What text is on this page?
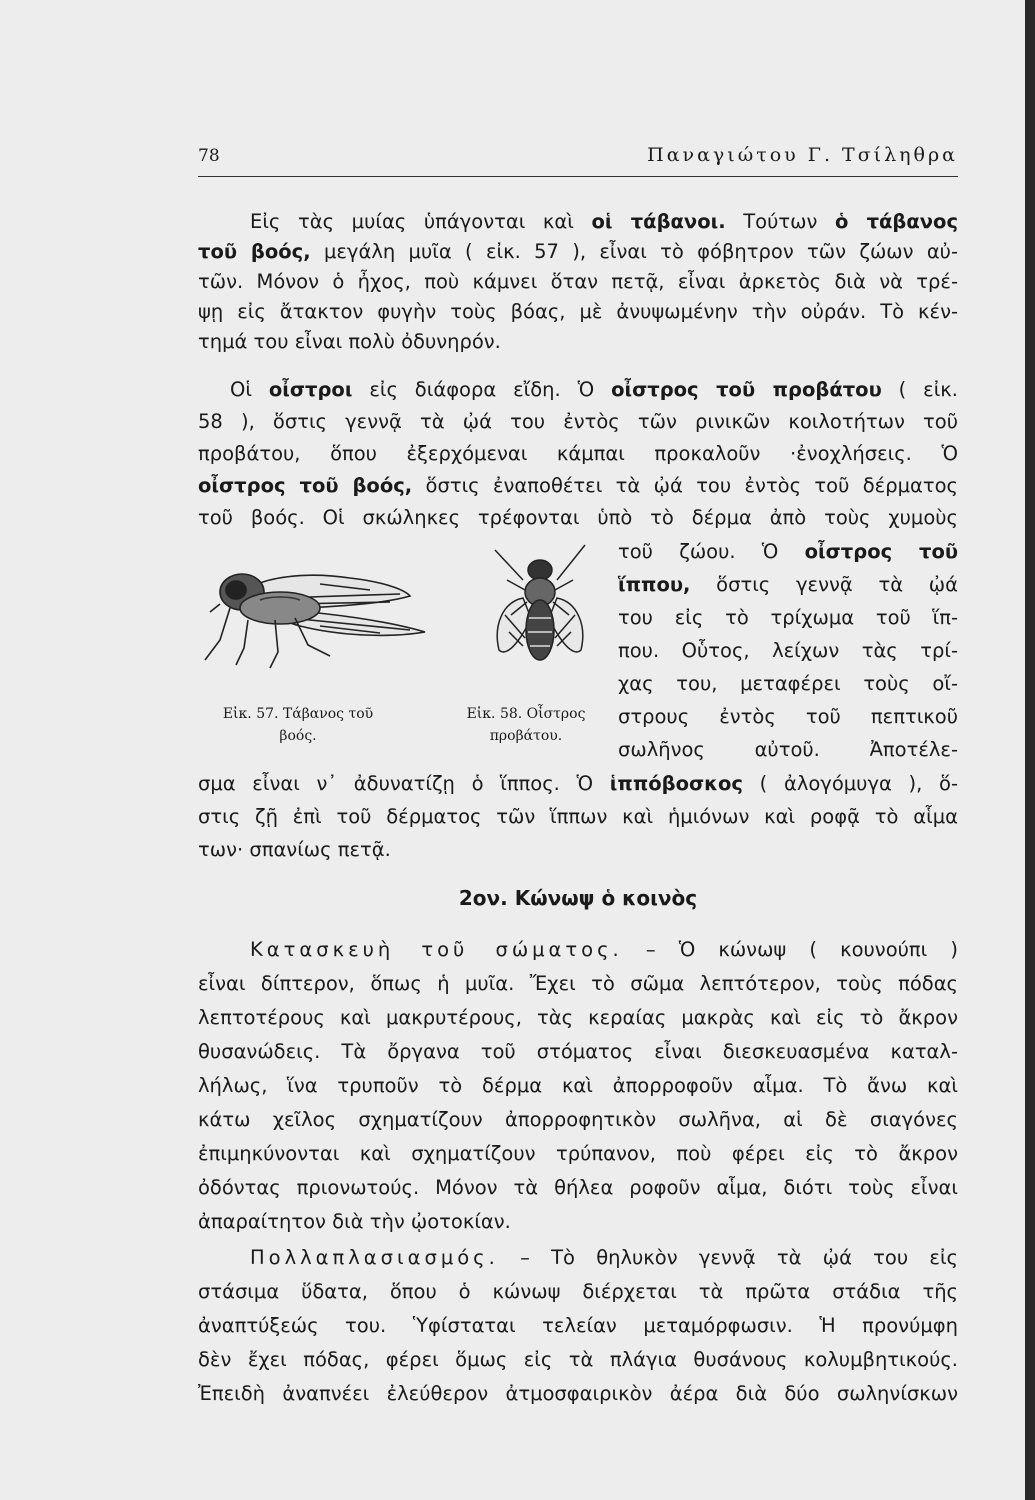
78	Παναγιώτου Γ. Τσίληθρα
Εἰς τὰς μυίας ὑπάγονται καὶ οἱ τάβανοι. Τούτων ὁ τάβανος
τοῦ βοός, μεγάλη μυῖα ( εἰκ. 57 ), εἶναι τὸ φόβητρον τῶν ζώων αὐ-
τῶν. Μόνον ὁ ἦχος, ποὺ κάμνει ὅταν πετᾷ, εἶναι ἀρκετὸς διὰ νὰ τρέ-
ψῃ εἰς ἄτακτον φυγὴν τοὺς βόας, μὲ ἀνυψωμένην τὴν οὐράν. Τὸ κέν-
τημά του εἶναι πολὺ ὀδυνηρόν.
Οἱ οἶστροι εἰς διάφορα εἴδη. Ὁ οἶστρος τοῦ προβάτου ( εἰκ.
58 ), ὅστις γεννᾷ τὰ ᾠά του ἐντὸς τῶν ρινικῶν κοιλοτήτων τοῦ
προβάτου, ὅπου ἐξερχόμεναι κάμπαι προκαλοῦν ·ἐνοχλήσεις. Ὁ
οἶστρος τοῦ βοός, ὅστις ἐναποθέτει τὰ ᾠά του ἐντὸς τοῦ δέρματος
τοῦ βοός. Οἱ σκώληκες τρέφονται ὑπὸ τὸ δέρμα ἀπὸ τοὺς χυμοὺς
τοῦ ζώου. Ὁ οἶστρος τοῦ
ἵππου, ὅστις γεννᾷ τὰ ᾠά
του εἰς τὸ τρίχωμα τοῦ ἵπ-
που. Οὗτος, λείχων τὰς τρί-
χας του, μεταφέρει τοὺς οἴ-
στρους ἐντὸς τοῦ πεπτικοῦ
σωλῆνος αὐτοῦ. Ἀποτέλε-
σμα εἶναι ν᾿ ἀδυνατίζῃ ὁ ἵππος. Ὁ ἱππόβοσκος ( ἀλογόμυγα ), ὅ-
στις ζῇ ἐπὶ τοῦ δέρματος τῶν ἵππων καὶ ἡμιόνων καὶ ροφᾷ τὸ αἷμα
των· σπανίως πετᾷ.
Εἰκ. 57. Τάβανος τοῦ
βοός.
Εἰκ. 58. Οἶστρος
προβάτου.
2ον. Κώνωψ ὁ κοινὸς
Κατασκευὴ τοῦ σώματος. – Ὁ κώνωψ ( κουνούπι )
εἶναι δίπτερον, ὅπως ἡ μυῖα. Ἔχει τὸ σῶμα λεπτότερον, τοὺς πόδας
λεπτοτέρους καὶ μακρυτέρους, τὰς κεραίας μακρὰς καὶ εἰς τὸ ἄκρον
θυσανώδεις. Τὰ ὄργανα τοῦ στόματος εἶναι διεσκευασμένα καταλ-
λήλως, ἵνα τρυποῦν τὸ δέρμα καὶ ἀπορροφοῦν αἷμα. Τὸ ἄνω καὶ
κάτω χεῖλος σχηματίζουν ἀπορροφητικὸν σωλῆνα, αἱ δὲ σιαγόνες
ἐπιμηκύνονται καὶ σχηματίζουν τρύπανον, ποὺ φέρει εἰς τὸ ἄκρον
ὀδόντας πριονωτούς. Μόνον τὰ θήλεα ροφοῦν αἷμα, διότι τοὺς εἶναι
ἀπαραίτητον διὰ τὴν ᾠοτοκίαν.
Πολλαπλασιασμός. – Τὸ θηλυκὸν γεννᾷ τὰ ᾠά του εἰς
στάσιμα ὕδατα, ὅπου ὁ κώνωψ διέρχεται τὰ πρῶτα στάδια τῆς
ἀναπτύξεώς του. Ὑφίσταται τελείαν μεταμόρφωσιν. Ἡ προνύμφη
δὲν ἔχει πόδας, φέρει ὅμως εἰς τὰ πλάγια θυσάνους κολυμβητικούς.
Ἐπειδὴ ἀναπνέει ἐλεύθερον ἀτμοσφαιρικὸν ἀέρα διὰ δύο σωληνίσκων
